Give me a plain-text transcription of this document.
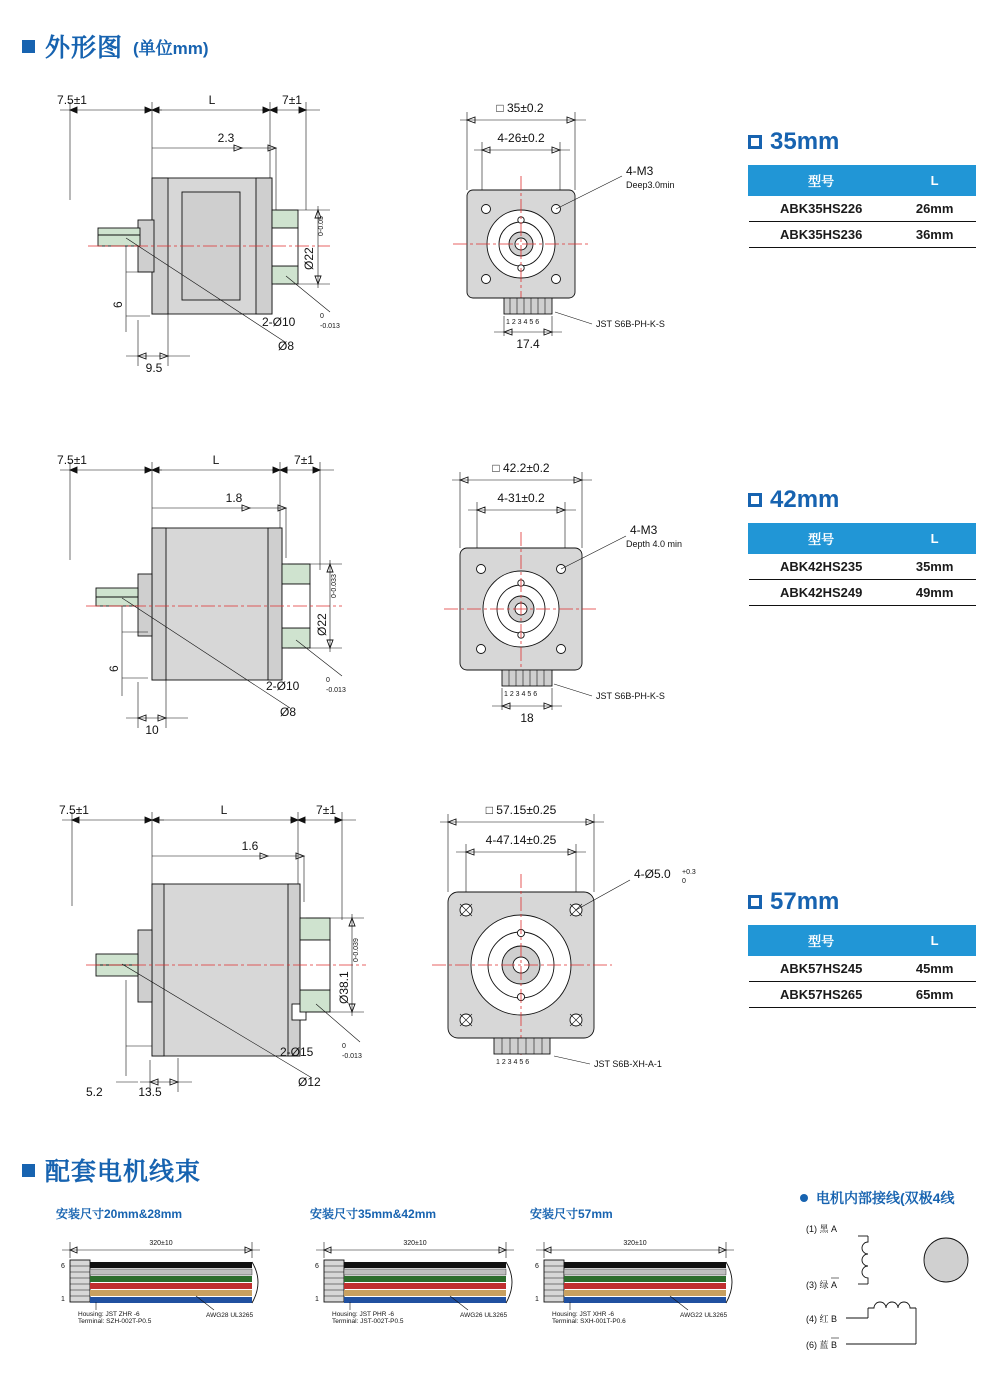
外形图 (单位mm)
7.5±1	L	7±1
2.3
Ø22
0
-0.05
2-Ø10	0
-0.013
Ø8
6
9.5
□ 35±0.2
4-26±0.2
4-M3
Deep3.0min
1 2 3 4 5 6	JST S6B-PH-K-S
17.4
35mm
型号	L
ABK35HS226	26mm
ABK35HS236	36mm
7.5±1	L	7±1
1.8
Ø22
0
-0.033
2-Ø10	0
-0.013
Ø8
6
10
□ 42.2±0.2
4-31±0.2
4-M3
Depth 4.0 min
1 2 3 4 5 6	JST S6B-PH-K-S
18
42mm
型号	L
ABK42HS235	35mm
ABK42HS249	49mm
7.5±1	L	7±1
1.6
Ø38.1
0
-0.039
2-Ø15	0
-0.013
Ø12
5.2	13.5
□ 57.15±0.25
4-47.14±0.25
4-Ø5.0 +0.3
0
1 2 3 4 5 6	JST S6B-XH-A-1
57mm
型号	L
ABK57HS245	45mm
ABK57HS265	65mm
配套电机线束
安装尺寸20mm&28mm
320±10
6
1
Housing: JST ZHR -6
Terminal: SZH-002T-P0.5
AWG28 UL3265
安装尺寸35mm&42mm
320±10
6
1
Housing: JST PHR -6
Terminal: JST-002T-P0.5
AWG26 UL3265
安装尺寸57mm
320±10
6
1
Housing: JST XHR -6
Terminal: SXH-001T-P0.6
AWG22 UL3265
电机内部接线(双极4线
(1) 黑 A
(3) 绿 A
(4) 红 B
(6) 蓝 B
